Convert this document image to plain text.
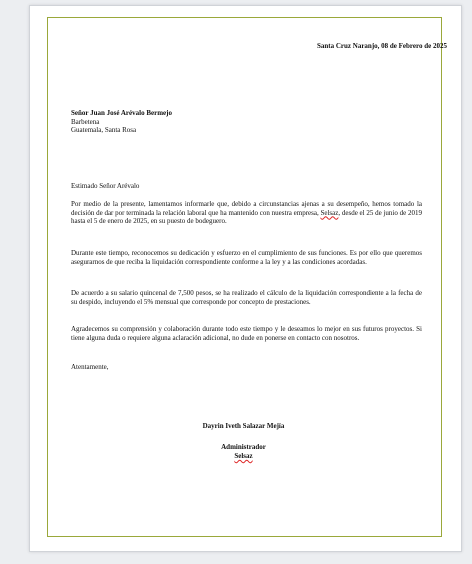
Santa Cruz Naranjo, 08 de Febrero de 2025
Señor Juan José Arévalo Bermejo
Barbetena
Guatemala, Santa Rosa
Estimado Señor Arévalo
Por medio de la presente, lamentamos informarle que, debido a circunstancias ajenas a su desempeño, hemos tomado la decisión de dar por terminada la relación laboral que ha mantenido con nuestra empresa, Selsaz, desde el 25 de junio de 2019 hasta el 5 de enero de 2025, en su puesto de bodeguero.
Durante este tiempo, reconocemos su dedicación y esfuerzo en el cumplimiento de sus funciones. Es por ello que queremos asegurarnos de que reciba la liquidación correspondiente conforme a la ley y a las condiciones acordadas.
De acuerdo a su salario quincenal de 7,500 pesos, se ha realizado el cálculo de la liquidación correspondiente a la fecha de su despido, incluyendo el 5% mensual que corresponde por concepto de prestaciones.
Agradecemos su comprensión y colaboración durante todo este tiempo y le deseamos lo mejor en sus futuros proyectos. Si tiene alguna duda o requiere alguna aclaración adicional, no dude en ponerse en contacto con nosotros.
Atentamente,
Dayrin Iveth Salazar Mejía
Administrador
Selsaz
